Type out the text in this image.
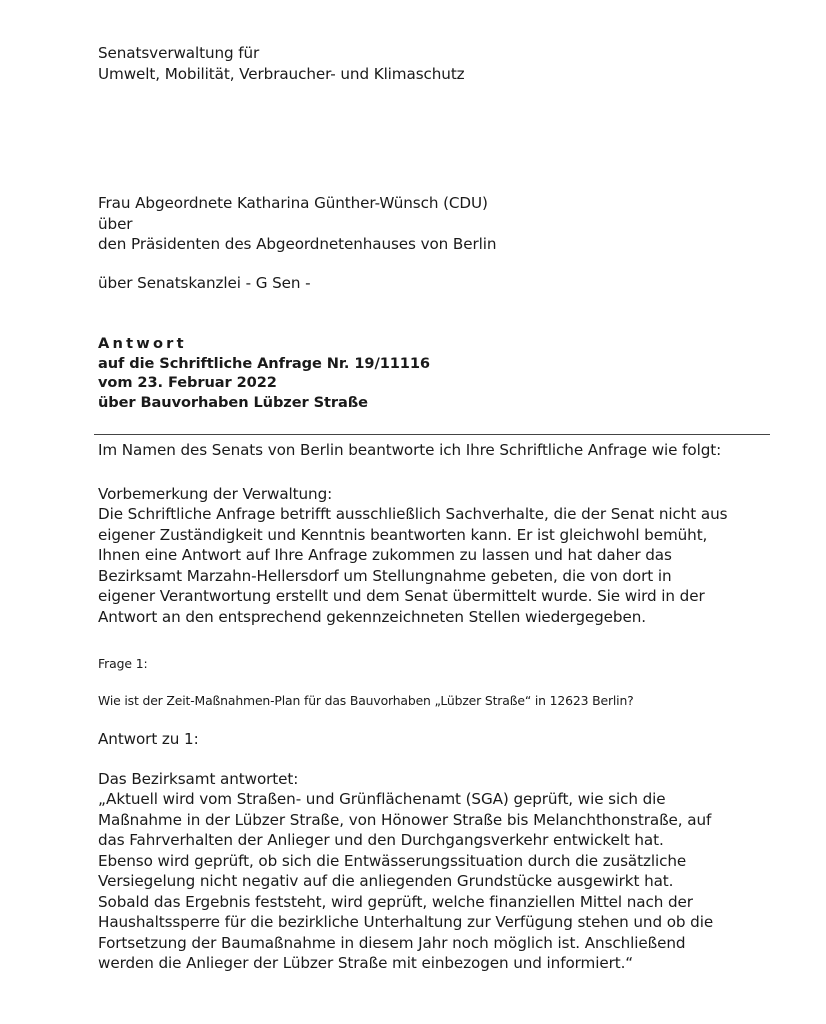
Senatsverwaltung für
Umwelt, Mobilität, Verbraucher- und Klimaschutz
Frau Abgeordnete Katharina Günther-Wünsch (CDU)
über
den Präsidenten des Abgeordnetenhauses von Berlin
über Senatskanzlei - G Sen -
Antwort
auf die Schriftliche Anfrage Nr. 19/11116
vom 23. Februar 2022
über Bauvorhaben Lübzer Straße
Im Namen des Senats von Berlin beantworte ich Ihre Schriftliche Anfrage wie folgt:
Vorbemerkung der Verwaltung:
Die Schriftliche Anfrage betrifft ausschließlich Sachverhalte, die der Senat nicht aus
eigener Zuständigkeit und Kenntnis beantworten kann. Er ist gleichwohl bemüht,
Ihnen eine Antwort auf Ihre Anfrage zukommen zu lassen und hat daher das
Bezirksamt Marzahn-Hellersdorf um Stellungnahme gebeten, die von dort in
eigener Verantwortung erstellt und dem Senat übermittelt wurde. Sie wird in der
Antwort an den entsprechend gekennzeichneten Stellen wiedergegeben.
Frage 1:
Wie ist der Zeit-Maßnahmen-Plan für das Bauvorhaben „Lübzer Straße“ in 12623 Berlin?
Antwort zu 1:
Das Bezirksamt antwortet:
„Aktuell wird vom Straßen- und Grünflächenamt (SGA) geprüft, wie sich die
Maßnahme in der Lübzer Straße, von Hönower Straße bis Melanchthonstraße, auf
das Fahrverhalten der Anlieger und den Durchgangsverkehr entwickelt hat.
Ebenso wird geprüft, ob sich die Entwässerungssituation durch die zusätzliche
Versiegelung nicht negativ auf die anliegenden Grundstücke ausgewirkt hat.
Sobald das Ergebnis feststeht, wird geprüft, welche finanziellen Mittel nach der
Haushaltssperre für die bezirkliche Unterhaltung zur Verfügung stehen und ob die
Fortsetzung der Baumaßnahme in diesem Jahr noch möglich ist. Anschließend
werden die Anlieger der Lübzer Straße mit einbezogen und informiert.“
